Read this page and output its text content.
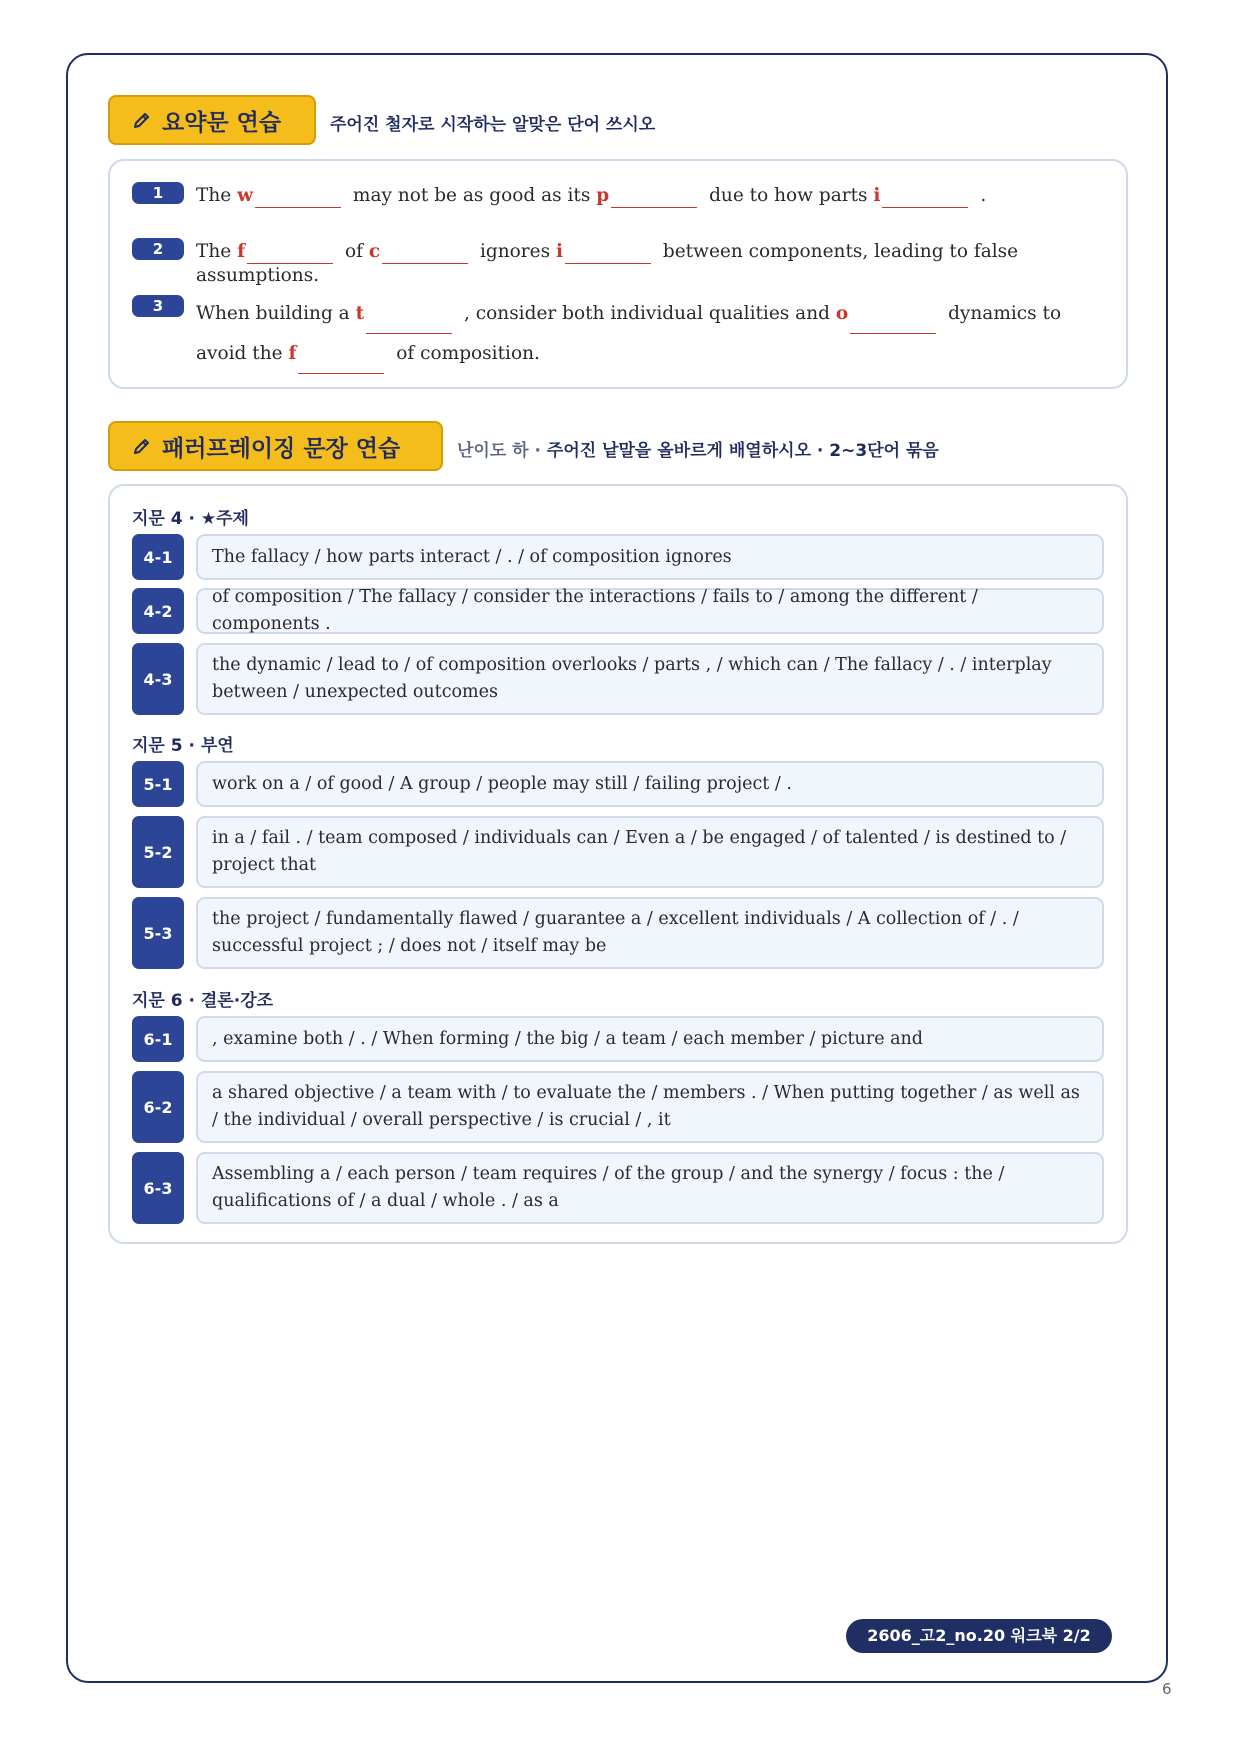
요약문 연습	주어진 철자로 시작하는 알맞은 단어 쓰시오
1	The w	may not be as good as its p	due to how parts i	.
2	The f	of c	ignores i	between components, leading to false assumptions.
3	When building a t	, consider both individual qualities and o	dynamics to avoid the f	of composition.
패러프레이징 문장 연습	난이도 하 · 주어진 낱말을 올바르게 배열하시오 · 2~3단어 묶음
지문 4 · ★주제
4-1	The fallacy / how parts interact / . / of composition ignores
4-2
of composition / The fallacy / consider the interactions / fails to / among the different / components .
4-3
the dynamic / lead to / of composition overlooks / parts , / which can / The fallacy / . / interplay between / unexpected outcomes
지문 5 · 부연
5-1	work on a / of good / A group / people may still / failing project / .
5-2
in a / fail . / team composed / individuals can / Even a / be engaged / of talented / is destined to / project that
5-3
the project / fundamentally flawed / guarantee a / excellent individuals / A collection of / . / successful project ; / does not / itself may be
지문 6 · 결론·강조
6-1	, examine both / . / When forming / the big / a team / each member / picture and
6-2
a shared objective / a team with / to evaluate the / members . / When putting together / as well as / the individual / overall perspective / is crucial / , it
6-3
Assembling a / each person / team requires / of the group / and the synergy / focus : the / qualifications of / a dual / whole . / as a
2606_고2_no.20 워크북 2/2
6
